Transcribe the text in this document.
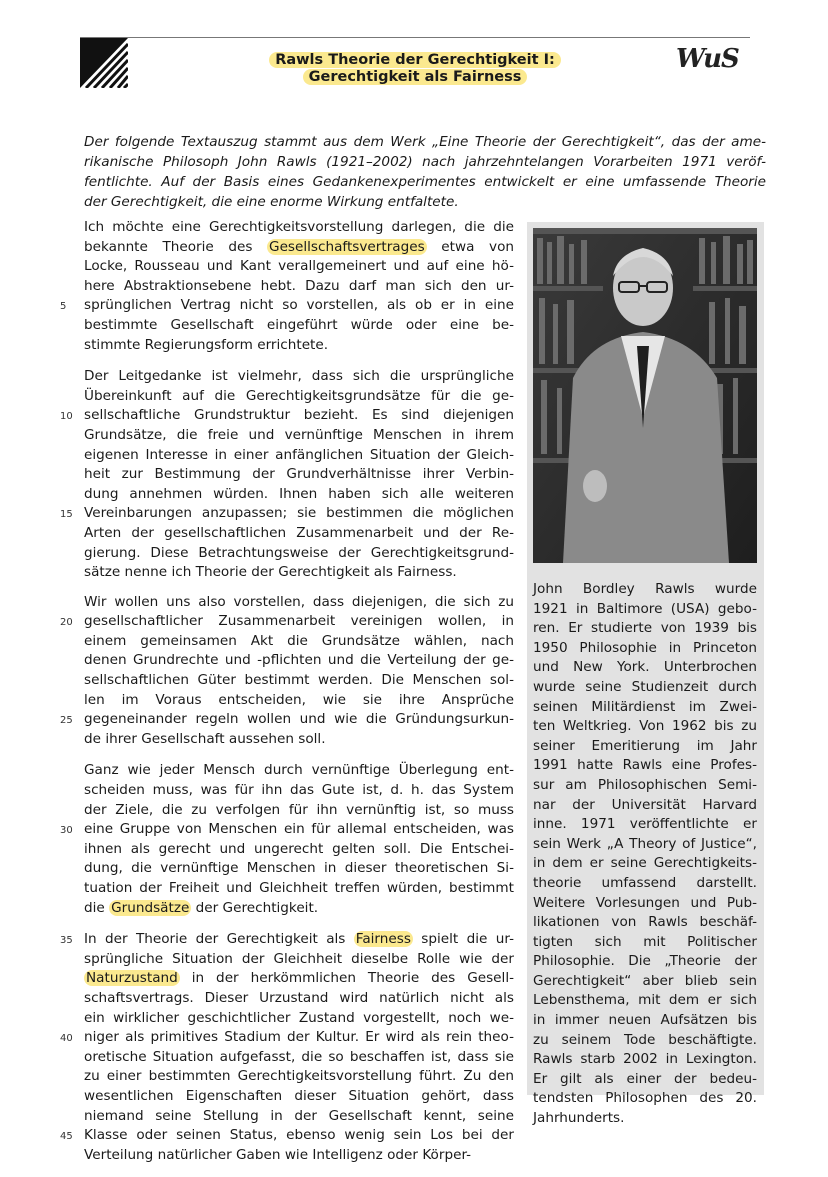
Rawls Theorie der Gerechtigkeit I:
Gerechtigkeit als Fairness
WuS

Der folgende Textauszug stammt aus dem Werk „Eine Theorie der Gerechtigkeit“, das der ame-
rikanische Philosoph John Rawls (1921–2002) nach jahrzehntelangen Vorarbeiten 1971 veröf-
fentlichte. Auf der Basis eines Gedankenexperimentes entwickelt er eine umfassende Theorie
der Gerechtigkeit, die eine enorme Wirkung entfaltete.

John Bordley Rawls wurde
1921 in Baltimore (USA) gebo-
ren. Er studierte von 1939 bis
1950 Philosophie in Princeton
und New York. Unterbrochen
wurde seine Studienzeit durch
seinen Militärdienst im Zwei-
ten Weltkrieg. Von 1962 bis zu
seiner Emeritierung im Jahr
1991 hatte Rawls eine Profes-
sur am Philosophischen Semi-
nar der Universität Harvard
inne. 1971 veröffentlichte er
sein Werk „A Theory of Justice“,
in dem er seine Gerechtigkeits-
theorie umfassend darstellt.
Weitere Vorlesungen und Pub-
likationen von Rawls beschäf-
tigten sich mit Politischer
Philosophie. Die „Theorie der
Gerechtigkeit“ aber blieb sein
Lebensthema, mit dem er sich
in immer neuen Aufsätzen bis
zu seinem Tode beschäftigte.
Rawls starb 2002 in Lexington.
Er gilt als einer der bedeu-
tendsten Philosophen des 20.
Jahrhunderts.
Ich möchte eine Gerechtigkeitsvorstellung darlegen, die die
bekannte Theorie des Gesellschaftsvertrages etwa von
Locke, Rousseau und Kant verallgemeinert und auf eine hö-
here Abstraktionsebene hebt. Dazu darf man sich den ur-
5	sprünglichen Vertrag nicht so vorstellen, als ob er in eine
bestimmte Gesellschaft eingeführt würde oder eine be-
stimmte Regierungsform errichtete.
Der Leitgedanke ist vielmehr, dass sich die ursprüngliche
Übereinkunft auf die Gerechtigkeitsgrundsätze für die ge-
10 sellschaftliche Grundstruktur bezieht. Es sind diejenigen
Grundsätze, die freie und vernünftige Menschen in ihrem
eigenen Interesse in einer anfänglichen Situation der Gleich-
heit zur Bestimmung der Grundverhältnisse ihrer Verbin-
dung annehmen würden. Ihnen haben sich alle weiteren
15 Vereinbarungen anzupassen; sie bestimmen die möglichen
Arten der gesellschaftlichen Zusammenarbeit und der Re-
gierung. Diese Betrachtungsweise der Gerechtigkeitsgrund-
sätze nenne ich Theorie der Gerechtigkeit als Fairness.
Wir wollen uns also vorstellen, dass diejenigen, die sich zu
20 gesellschaftlicher Zusammenarbeit vereinigen wollen, in
einem gemeinsamen Akt die Grundsätze wählen, nach
denen Grundrechte und -pflichten und die Verteilung der ge-
sellschaftlichen Güter bestimmt werden. Die Menschen sol-
len im Voraus entscheiden, wie sie ihre Ansprüche
25 gegeneinander regeln wollen und wie die Gründungsurkun-
de ihrer Gesellschaft aussehen soll.
Ganz wie jeder Mensch durch vernünftige Überlegung ent-
scheiden muss, was für ihn das Gute ist, d. h. das System
der Ziele, die zu verfolgen für ihn vernünftig ist, so muss
30 eine Gruppe von Menschen ein für allemal entscheiden, was
ihnen als gerecht und ungerecht gelten soll. Die Entschei-
dung, die vernünftige Menschen in dieser theoretischen Si-
tuation der Freiheit und Gleichheit treffen würden, bestimmt
die Grundsätze der Gerechtigkeit.
35 In der Theorie der Gerechtigkeit als Fairness spielt die ur-
sprüngliche Situation der Gleichheit dieselbe Rolle wie der
Naturzustand in der herkömmlichen Theorie des Gesell-
schaftsvertrags. Dieser Urzustand wird natürlich nicht als
ein wirklicher geschichtlicher Zustand vorgestellt, noch we-
40 niger als primitives Stadium der Kultur. Er wird als rein theo-
oretische Situation aufgefasst, die so beschaffen ist, dass sie
zu einer bestimmten Gerechtigkeitsvorstellung führt. Zu den
wesentlichen Eigenschaften dieser Situation gehört, dass
niemand seine Stellung in der Gesellschaft kennt, seine
45 Klasse oder seinen Status, ebenso wenig sein Los bei der
Verteilung natürlicher Gaben wie Intelligenz oder Körper-
